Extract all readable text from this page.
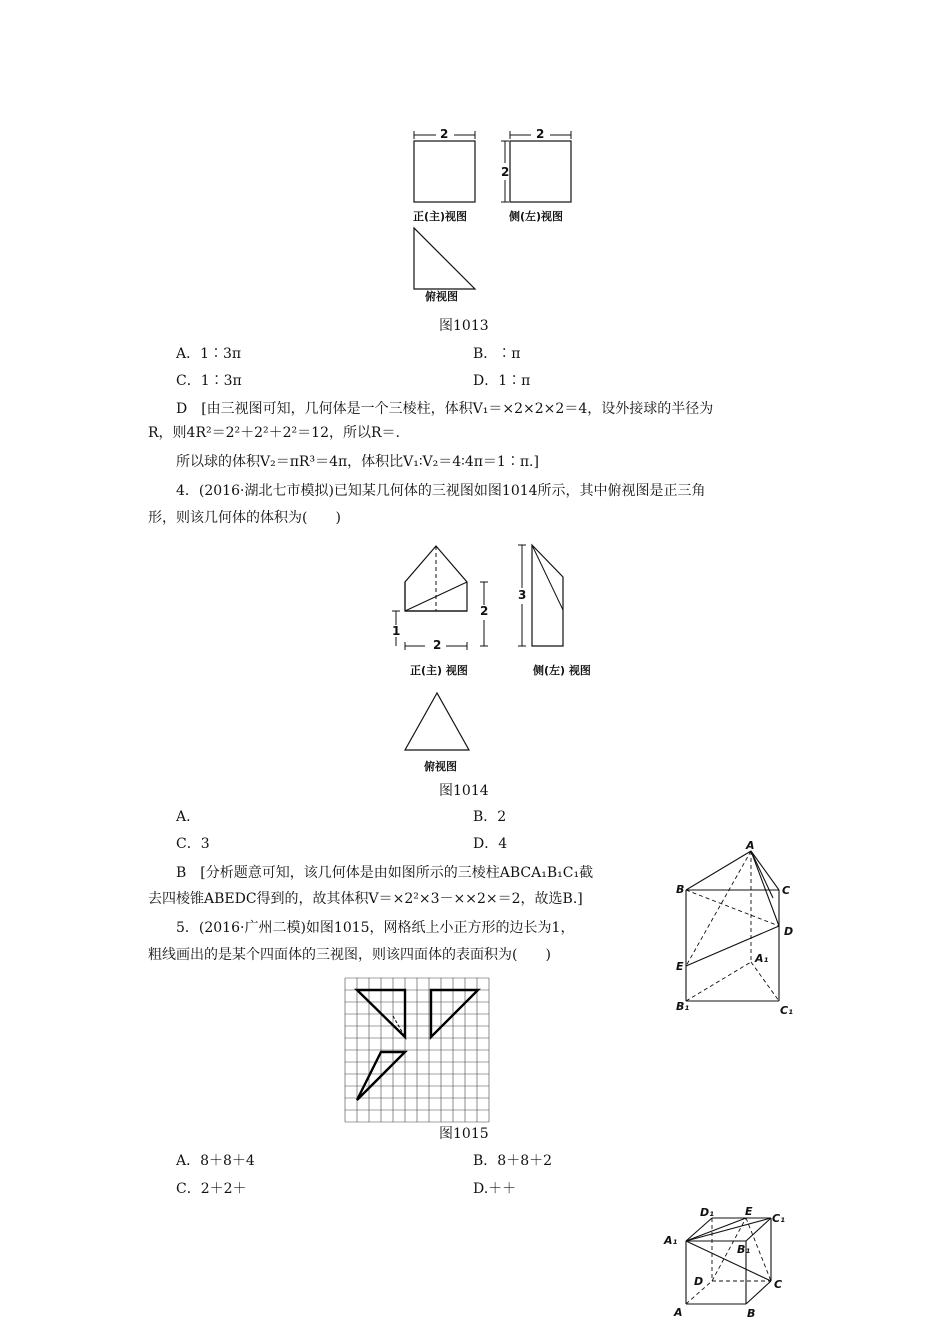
2	2
2
正(主)视图	侧(左)视图
俯视图
图1013
A．1∶3π	B．∶π
C．1∶3π	D．1∶π
D　[由三视图可知，几何体是一个三棱柱，体积V₁＝×2×2×2＝4，设外接球的半径为
R，则4R²＝2²＋2²＋2²＝12，所以R＝.
所以球的体积V₂＝πR³＝4π，体积比V₁∶V₂＝4∶4π＝1∶π.]
4．(2016·湖北七市模拟)已知某几何体的三视图如图1014所示，其中俯视图是正三角
形，则该几何体的体积为(　　)
2
1
2
3
正(主) 视图	侧(左) 视图
俯视图
图1014
A.	B．2
C．3	D．4
B　[分析题意可知，该几何体是由如图所示的三棱柱ABCA₁B₁C₁截
去四棱锥ABEDC得到的，故其体积V＝×2²×3－××2×＝2，故选B.]
A
B	C
D
E
A₁
B₁	C₁
5．(2016·广州二模)如图1015，网格纸上小正方形的边长为1，
粗线画出的是某个四面体的三视图，则该四面体的表面积为(　　)
图1015
A．8＋8＋4	B．8＋8＋2
C．2＋2＋	D.＋＋
D₁	E
C₁
A₁
B₁
D	C
A	B
